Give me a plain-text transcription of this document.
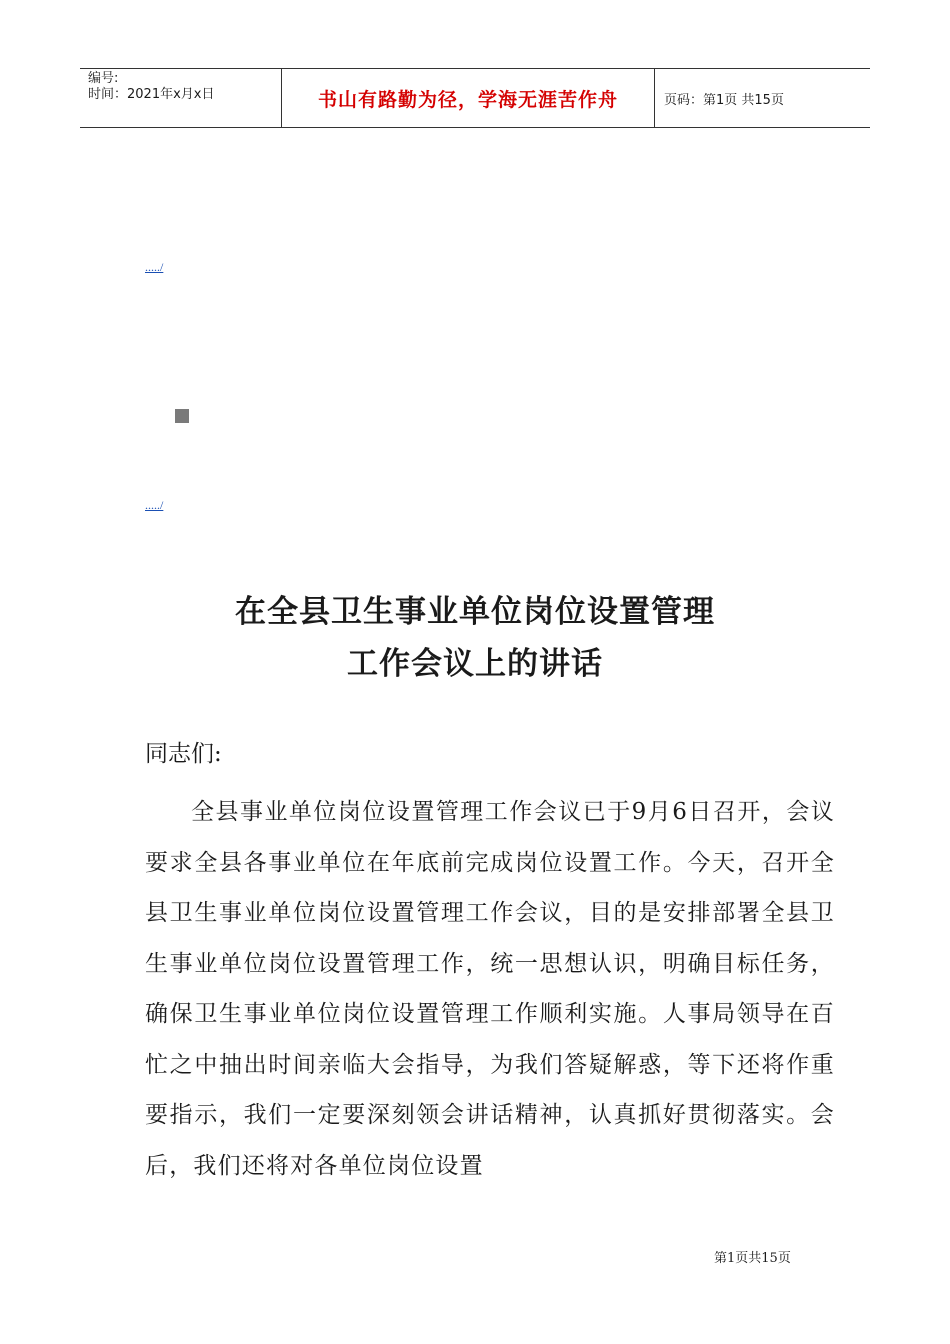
编号:
时间：2021年x月x日	书山有路勤为径，学海无涯苦作舟	页码：第1页 共15页
...../
...../
在全县卫生事业单位岗位设置管理
工作会议上的讲话
同志们:

全县事业单位岗位设置管理工作会议已于9月6日召开，会议要求全县各事业单位在年底前完成岗位设置工作。今天，召开全县卫生事业单位岗位设置管理工作会议，目的是安排部署全县卫生事业单位岗位设置管理工作，统一思想认识，明确目标任务，确保卫生事业单位岗位设置管理工作顺利实施。人事局领导在百忙之中抽出时间亲临大会指导，为我们答疑解惑，等下还将作重要指示，我们一定要深刻领会讲话精神，认真抓好贯彻落实。会后，我们还将对各单位岗位设置

第1页共15页
